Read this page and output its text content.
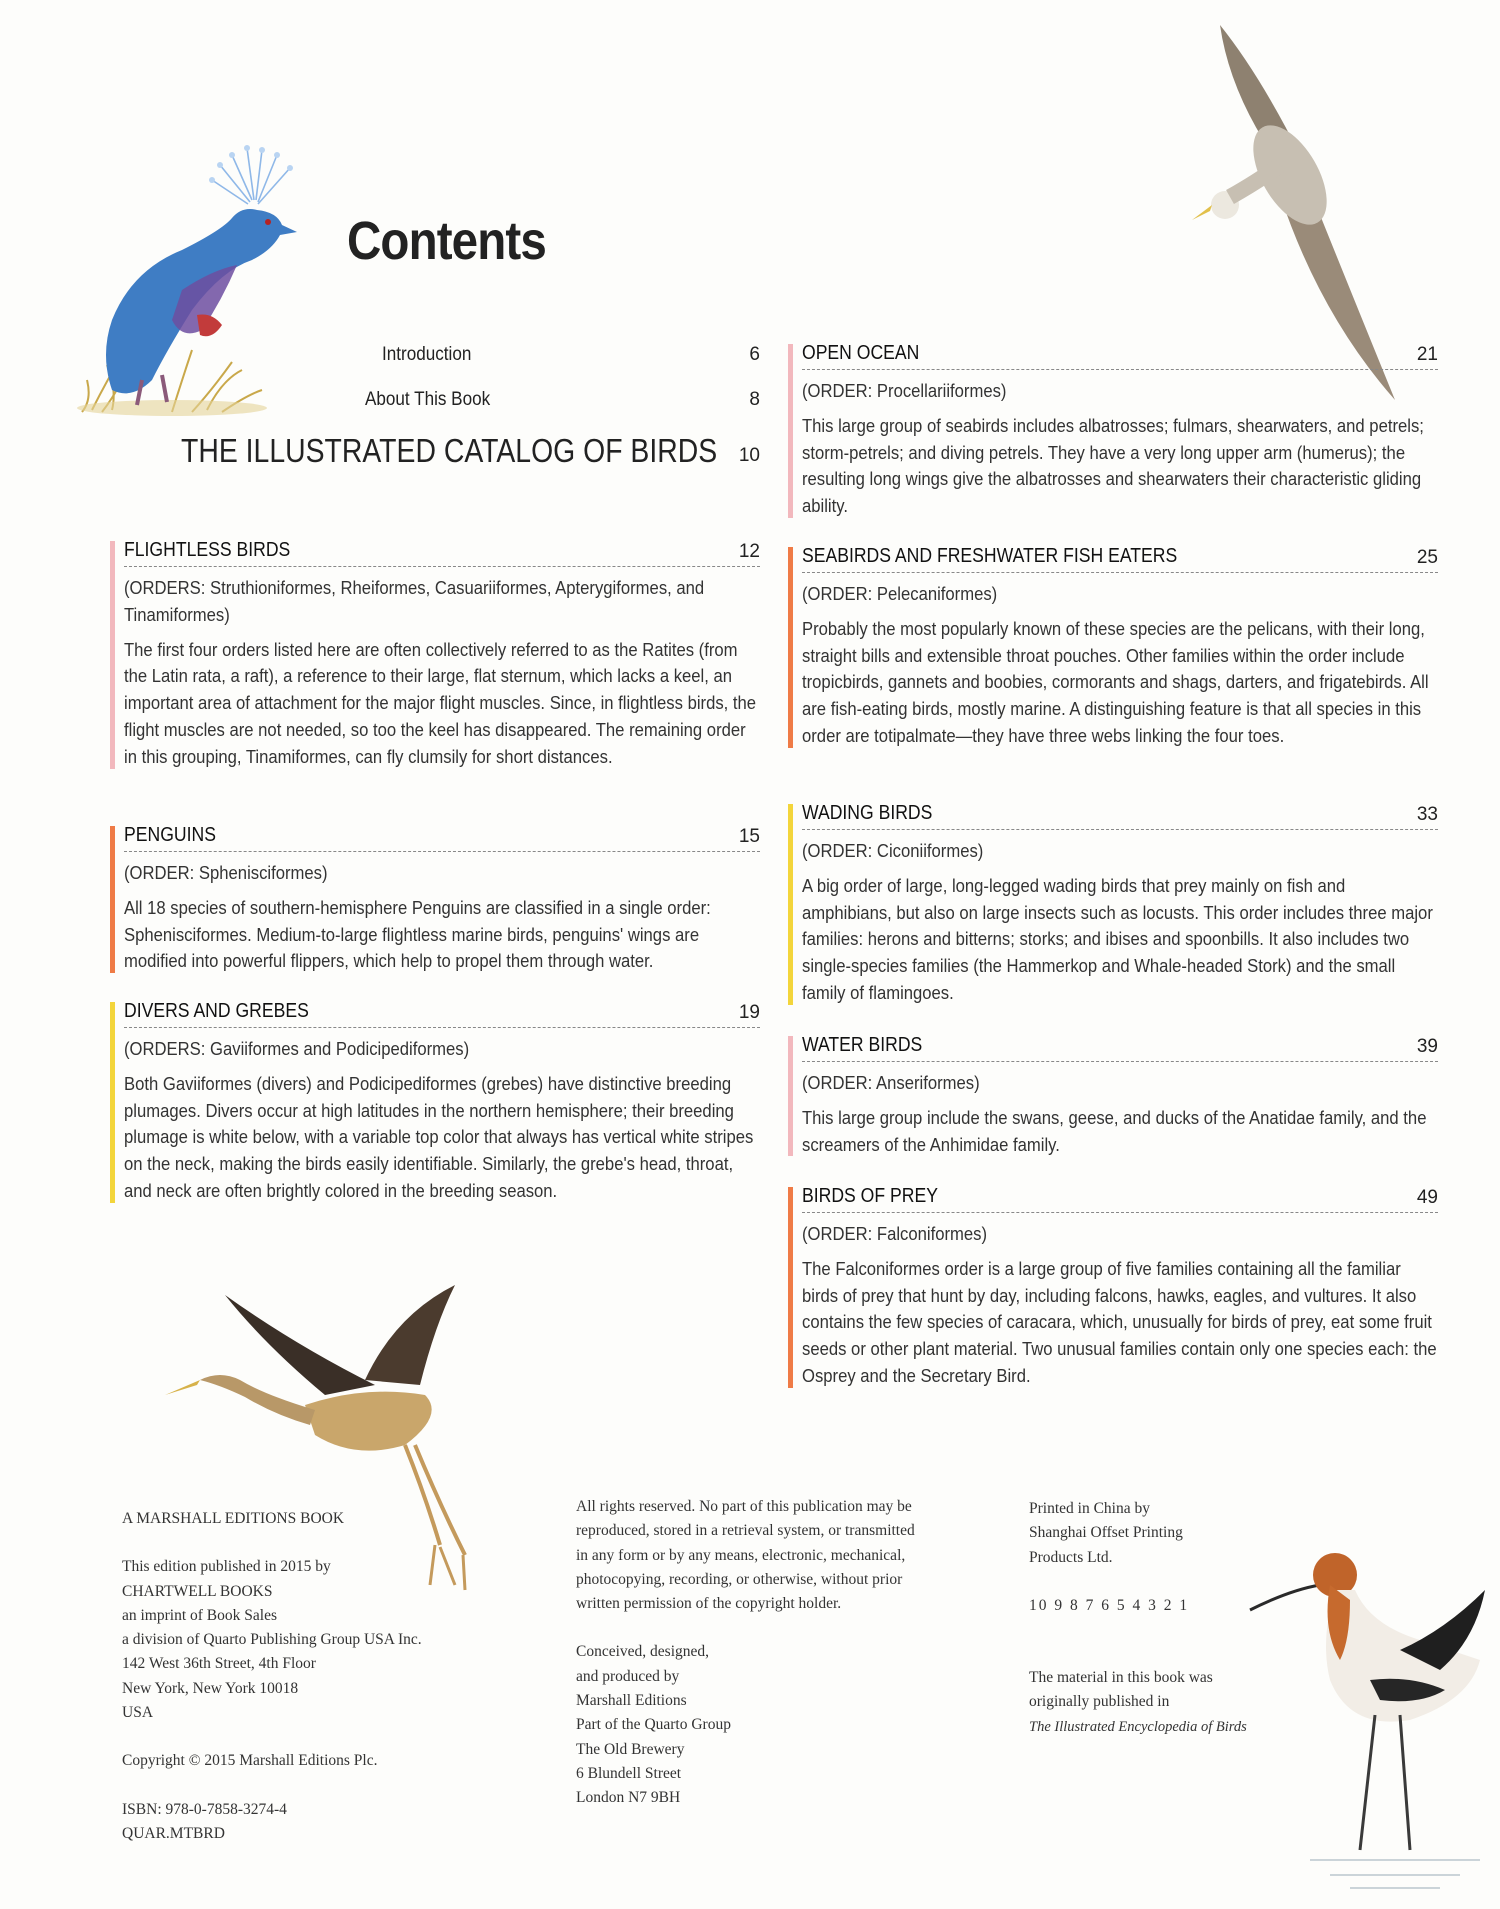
Contents
Introduction	6
About This Book	8
THE ILLUSTRATED CATALOG OF BIRDS	10
FLIGHTLESS BIRDS	12
(ORDERS: Struthioniformes, Rheiformes, Casuariiformes, Apterygiformes, and Tinamiformes)
The first four orders listed here are often collectively referred to as the Ratites (from the Latin rata, a raft), a reference to their large, flat sternum, which lacks a keel, an important area of attachment for the major flight muscles. Since, in flightless birds, the flight muscles are not needed, so too the keel has disappeared. The remaining order in this grouping, Tinamiformes, can fly clumsily for short distances.
PENGUINS	15
(ORDER: Sphenisciformes)
All 18 species of southern-hemisphere Penguins are classified in a single order: Sphenisciformes. Medium-to-large flightless marine birds, penguins' wings are modified into powerful flippers, which help to propel them through water.
DIVERS AND GREBES	19
(ORDERS: Gaviiformes and Podicipediformes)
Both Gaviiformes (divers) and Podicipediformes (grebes) have distinctive breeding plumages. Divers occur at high latitudes in the northern hemisphere; their breeding plumage is white below, with a variable top color that always has vertical white stripes on the neck, making the birds easily identifiable. Similarly, the grebe's head, throat, and neck are often brightly colored in the breeding season.
OPEN OCEAN	21
(ORDER: Procellariiformes)
This large group of seabirds includes albatrosses; fulmars, shearwaters, and petrels; storm-petrels; and diving petrels. They have a very long upper arm (humerus); the resulting long wings give the albatrosses and shearwaters their characteristic gliding ability.
SEABIRDS AND FRESHWATER FISH EATERS	25
(ORDER: Pelecaniformes)
Probably the most popularly known of these species are the pelicans, with their long, straight bills and extensible throat pouches. Other families within the order include tropicbirds, gannets and boobies, cormorants and shags, darters, and frigatebirds. All are fish-eating birds, mostly marine. A distinguishing feature is that all species in this order are totipalmate—they have three webs linking the four toes.
WADING BIRDS	33
(ORDER: Ciconiiformes)
A big order of large, long-legged wading birds that prey mainly on fish and amphibians, but also on large insects such as locusts. This order includes three major families: herons and bitterns; storks; and ibises and spoonbills. It also includes two single-species families (the Hammerkop and Whale-headed Stork) and the small family of flamingoes.
WATER BIRDS	39
(ORDER: Anseriformes)
This large group include the swans, geese, and ducks of the Anatidae family, and the screamers of the Anhimidae family.
BIRDS OF PREY	49
(ORDER: Falconiformes)
The Falconiformes order is a large group of five families containing all the familiar birds of prey that hunt by day, including falcons, hawks, eagles, and vultures. It also contains the few species of caracara, which, unusually for birds of prey, eat some fruit seeds or other plant material. Two unusual families contain only one species each: the Osprey and the Secretary Bird.

A MARSHALL EDITIONS BOOK

This edition published in 2015 by
CHARTWELL BOOKS
an imprint of Book Sales
a division of Quarto Publishing Group USA Inc.
142 West 36th Street, 4th Floor
New York, New York 10018
USA

Copyright © 2015 Marshall Editions Plc.

ISBN: 978-0-7858-3274-4
QUAR.MTBRD

All rights reserved. No part of this publication may be
reproduced, stored in a retrieval system, or transmitted
in any form or by any means, electronic, mechanical,
photocopying, recording, or otherwise, without prior
written permission of the copyright holder.

Conceived, designed,
and produced by
Marshall Editions
Part of the Quarto Group
The Old Brewery
6 Blundell Street
London N7 9BH

Printed in China by
Shanghai Offset Printing
Products Ltd.

10 9 8 7 6 5 4 3 2 1

The material in this book was
originally published in
The Illustrated Encyclopedia of Birds
